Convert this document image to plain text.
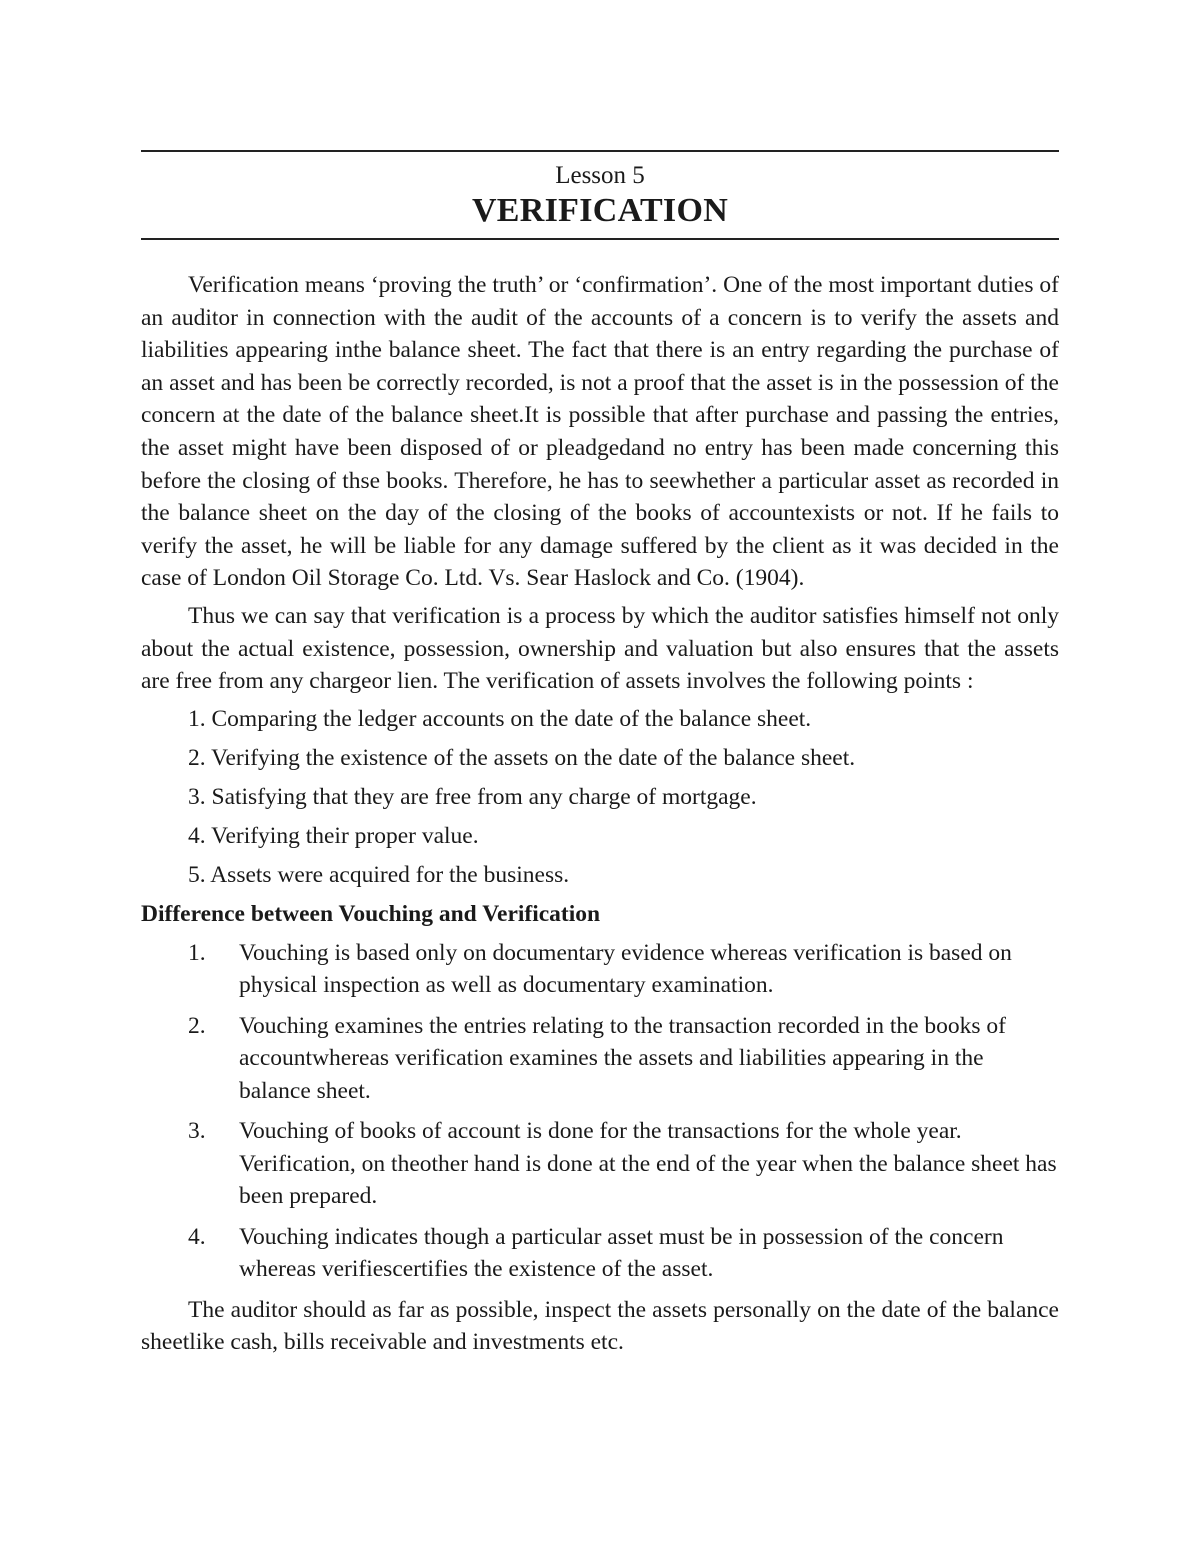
Lesson 5
VERIFICATION

Verification means ‘proving the truth’ or ‘confirmation’. One of the most important duties of an auditor in connection with the audit of the accounts of a concern is to verify the assets and liabilities appearing inthe balance sheet. The fact that there is an entry regarding the purchase of an asset and has been be correctly recorded, is not a proof that the asset is in the possession of the concern at the date of the balance sheet.It is possible that after purchase and passing the entries, the asset might have been disposed of or pleadgedand no entry has been made concerning this before the closing of thse books. Therefore, he has to seewhether a particular asset as recorded in the balance sheet on the day of the closing of the books of accountexists or not. If he fails to verify the asset, he will be liable for any damage suffered by the client as it was decided in the case of London Oil Storage Co. Ltd. Vs. Sear Haslock and Co. (1904).

Thus we can say that verification is a process by which the auditor satisfies himself not only about the actual existence, possession, ownership and valuation but also ensures that the assets are free from any chargeor lien. The verification of assets involves the following points :

1. Comparing the ledger accounts on the date of the balance sheet.
2. Verifying the existence of the assets on the date of the balance sheet.
3. Satisfying that they are free from any charge of mortgage.
4. Verifying their proper value.
5. Assets were acquired for the business.

Difference between Vouching and Verification

1. Vouching is based only on documentary evidence whereas verification is based on physical inspection as well as documentary examination.
2. Vouching examines the entries relating to the transaction recorded in the books of accountwhereas verification examines the assets and liabilities appearing in the balance sheet.
3. Vouching of books of account is done for the transactions for the whole year. Verification, on theother hand is done at the end of the year when the balance sheet has been prepared.
4. Vouching indicates though a particular asset must be in possession of the concern whereas verifiescertifies the existence of the asset.

The auditor should as far as possible, inspect the assets personally on the date of the balance sheetlike cash, bills receivable and investments etc.
